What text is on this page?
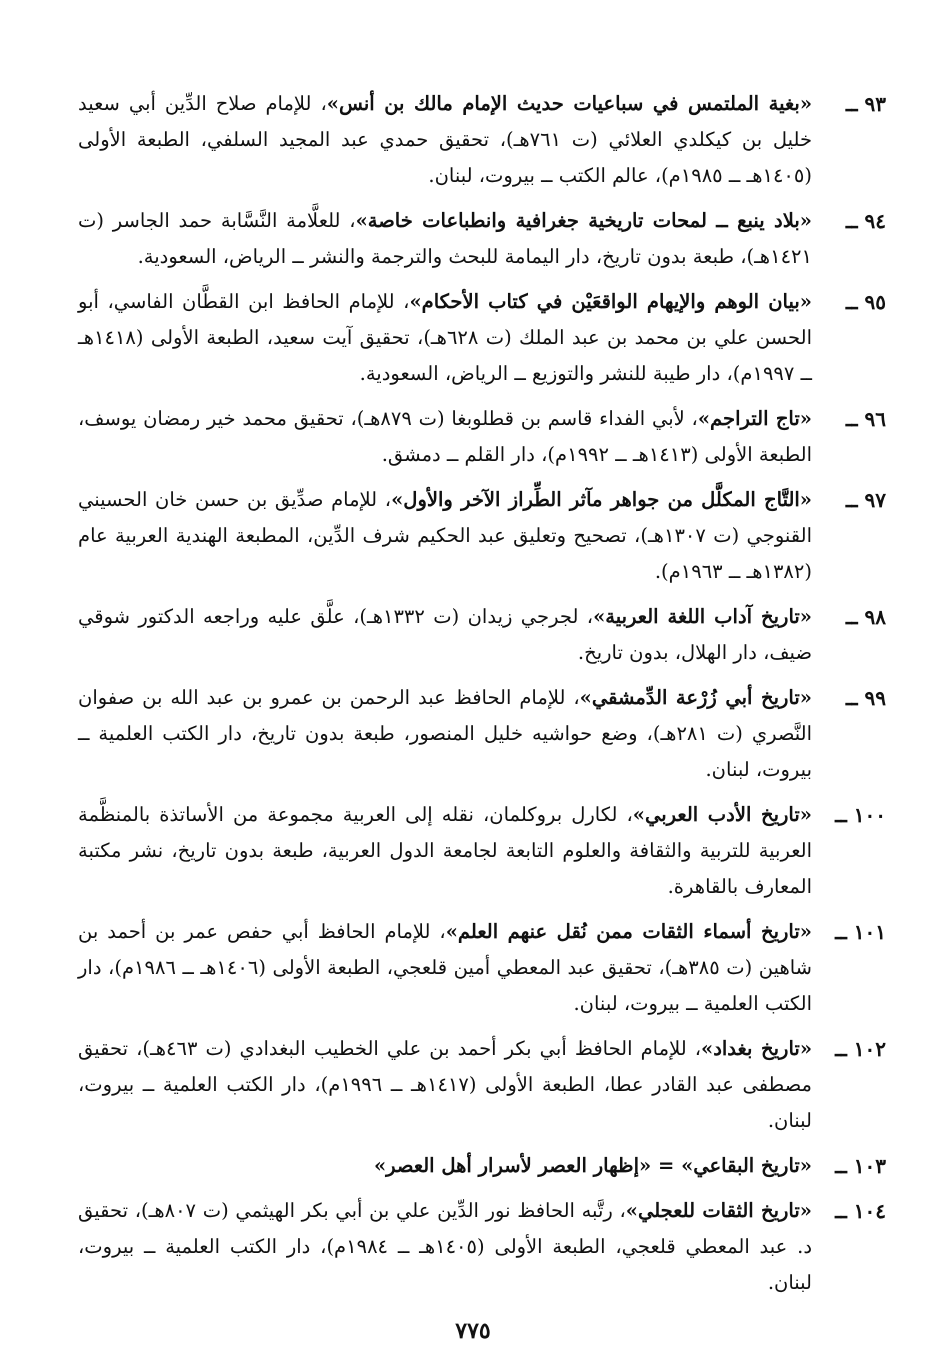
٩٣ ــ
«بغية الملتمس في سباعيات حديث الإمام مالك بن أنس»، للإمام صلاح الدِّين أبي سعيد خليل بن كيكلدي العلائي (ت ٧٦١هـ)، تحقيق حمدي عبد المجيد السلفي، الطبعة الأولى (١٤٠٥هـ ــ ١٩٨٥م)، عالم الكتب ــ بيروت، لبنان.
٩٤ ــ
«بلاد ينبع ــ لمحات تاريخية جغرافية وانطباعات خاصة»، للعلَّامة النَّسَّابة حمد الجاسر (ت ١٤٢١هـ)، طبعة بدون تاريخ، دار اليمامة للبحث والترجمة والنشر ــ الرياض، السعودية.
٩٥ ــ
«بيان الوهم والإيهام الواقعَيْن في كتاب الأحكام»، للإمام الحافظ ابن القطَّان الفاسي، أبو الحسن علي بن محمد بن عبد الملك (ت ٦٢٨هـ)، تحقيق آيت سعيد، الطبعة الأولى (١٤١٨هـ ــ ١٩٩٧م)، دار طيبة للنشر والتوزيع ــ الرياض، السعودية.
٩٦ ــ
«تاج التراجم»، لأبي الفداء قاسم بن قطلوبغا (ت ٨٧٩هـ)، تحقيق محمد خير رمضان يوسف، الطبعة الأولى (١٤١٣هـ ــ ١٩٩٢م)، دار القلم ــ دمشق.
٩٧ ــ
«التَّاج المكلَّل من جواهر مآثر الطِّراز الآخر والأول»، للإمام صدِّيق بن حسن خان الحسيني القنوجي (ت ١٣٠٧هـ)، تصحيح وتعليق عبد الحكيم شرف الدِّين، المطبعة الهندية العربية عام (١٣٨٢هـ ــ ١٩٦٣م).
٩٨ ــ
«تاريخ آداب اللغة العربية»، لجرجي زيدان (ت ١٣٣٢هـ)، علَّق عليه وراجعه الدكتور شوقي ضيف، دار الهلال، بدون تاريخ.
٩٩ ــ
«تاريخ أبي زُرْعة الدِّمشقي»، للإمام الحافظ عبد الرحمن بن عمرو بن عبد الله بن صفوان النَّصري (ت ٢٨١هـ)، وضع حواشيه خليل المنصور، طبعة بدون تاريخ، دار الكتب العلمية ــ بيروت، لبنان.
١٠٠ ــ
«تاريخ الأدب العربي»، لكارل بروكلمان، نقله إلى العربية مجموعة من الأساتذة بالمنظَّمة العربية للتربية والثقافة والعلوم التابعة لجامعة الدول العربية، طبعة بدون تاريخ، نشر مكتبة المعارف بالقاهرة.
١٠١ ــ
«تاريخ أسماء الثقات ممن نُقل عنهم العلم»، للإمام الحافظ أبي حفص عمر بن أحمد بن شاهين (ت ٣٨٥هـ)، تحقيق عبد المعطي أمين قلعجي، الطبعة الأولى (١٤٠٦هـ ــ ١٩٨٦م)، دار الكتب العلمية ــ بيروت، لبنان.
١٠٢ ــ
«تاريخ بغداد»، للإمام الحافظ أبي بكر أحمد بن علي الخطيب البغدادي (ت ٤٦٣هـ)، تحقيق مصطفى عبد القادر عطا، الطبعة الأولى (١٤١٧هـ ــ ١٩٩٦م)، دار الكتب العلمية ــ بيروت، لبنان.
١٠٣ ــ
«تاريخ البقاعي» = «إظهار العصر لأسرار أهل العصر»
١٠٤ ــ
«تاريخ الثقات للعجلي»، رتَّبه الحافظ نور الدِّين علي بن أبي بكر الهيثمي (ت ٨٠٧هـ)، تحقيق د. عبد المعطي قلعجي، الطبعة الأولى (١٤٠٥هـ ــ ١٩٨٤م)، دار الكتب العلمية ــ بيروت، لبنان.
٧٧٥
